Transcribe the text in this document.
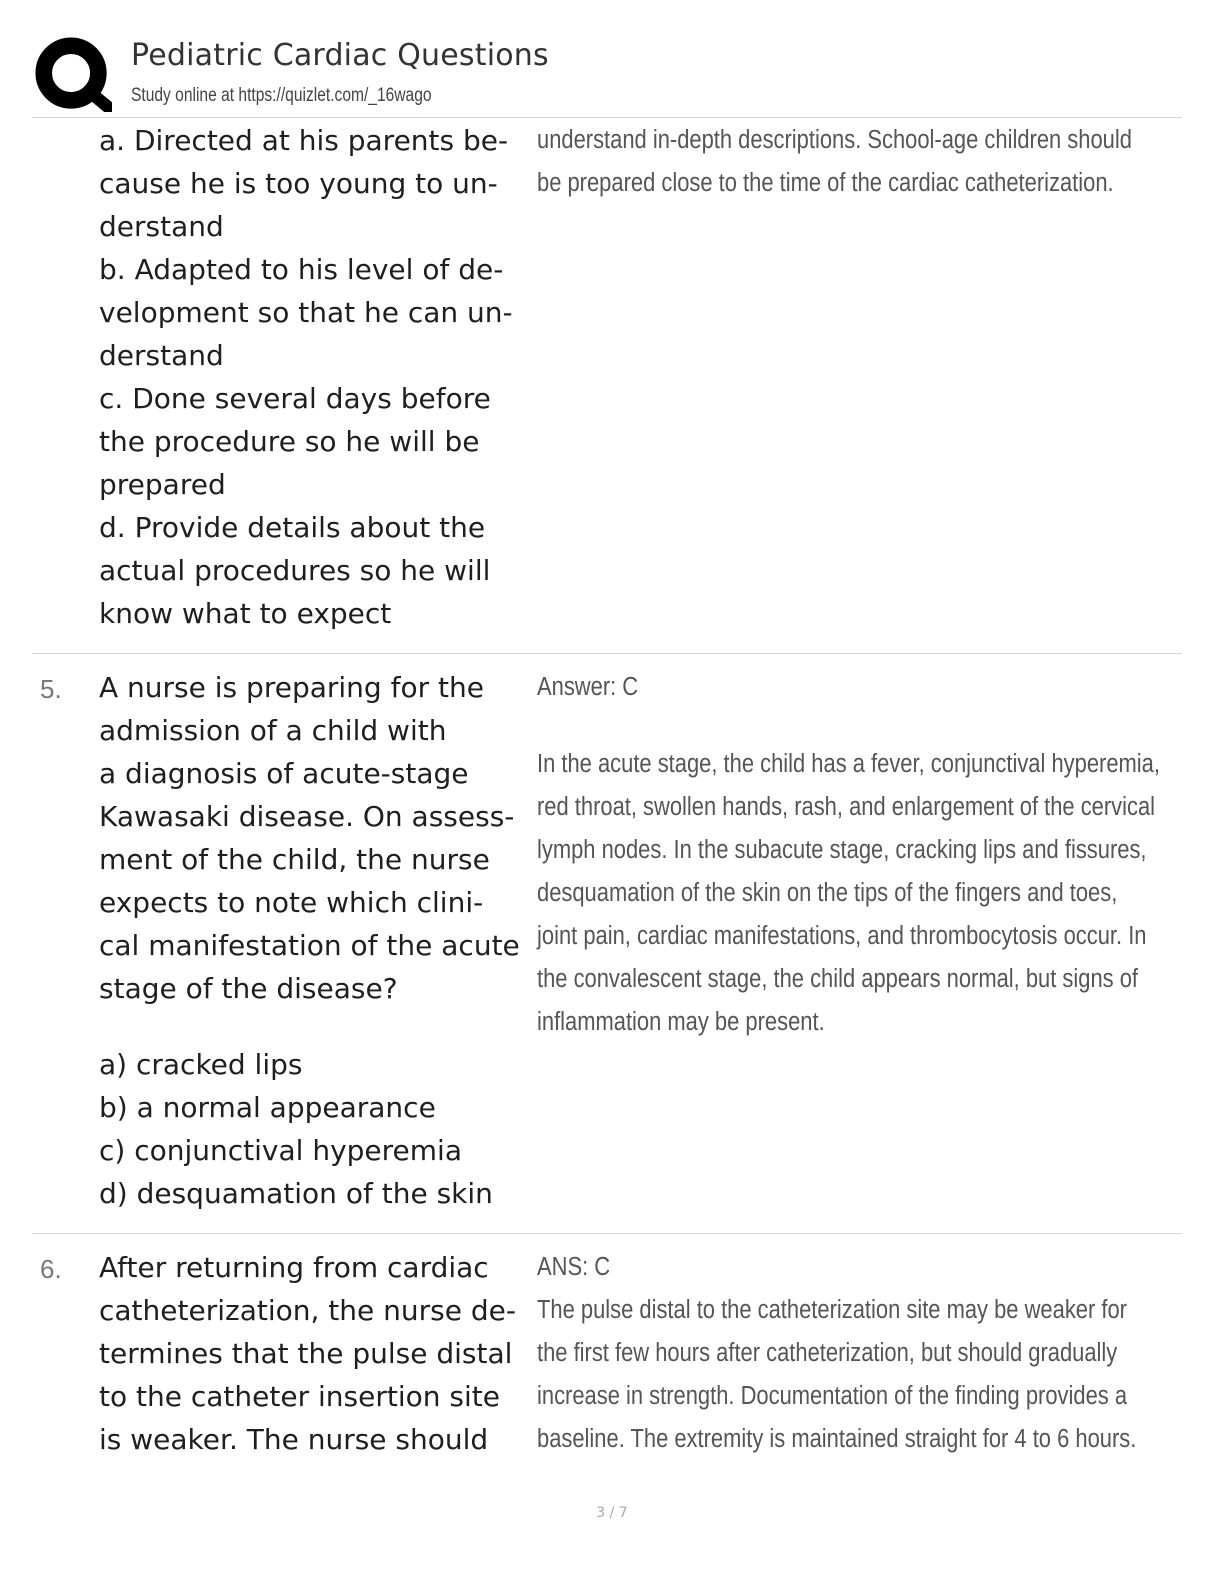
Pediatric Cardiac Questions
Study online at https://quizlet.com/_16wago
a. Directed at his parents be-
cause he is too young to un-
derstand
b. Adapted to his level of de-
velopment so that he can un-
derstand
c. Done several days before
the procedure so he will be
prepared
d. Provide details about the
actual procedures so he will
know what to expect
understand in-depth descriptions. School-age children should
be prepared close to the time of the cardiac catheterization.
5. A nurse is preparing for the
admission of a child with
a diagnosis of acute-stage
Kawasaki disease. On assess-
ment of the child, the nurse
expects to note which clini-
cal manifestation of the acute
stage of the disease?
a) cracked lips
b) a normal appearance
c) conjunctival hyperemia
d) desquamation of the skin
Answer: C
In the acute stage, the child has a fever, conjunctival hyperemia,
red throat, swollen hands, rash, and enlargement of the cervical
lymph nodes. In the subacute stage, cracking lips and fissures,
desquamation of the skin on the tips of the fingers and toes,
joint pain, cardiac manifestations, and thrombocytosis occur. In
the convalescent stage, the child appears normal, but signs of
inflammation may be present.
6. After returning from cardiac
catheterization, the nurse de-
termines that the pulse distal
to the catheter insertion site
is weaker. The nurse should
ANS: C
The pulse distal to the catheterization site may be weaker for
the first few hours after catheterization, but should gradually
increase in strength. Documentation of the finding provides a
baseline. The extremity is maintained straight for 4 to 6 hours.
3 / 7
